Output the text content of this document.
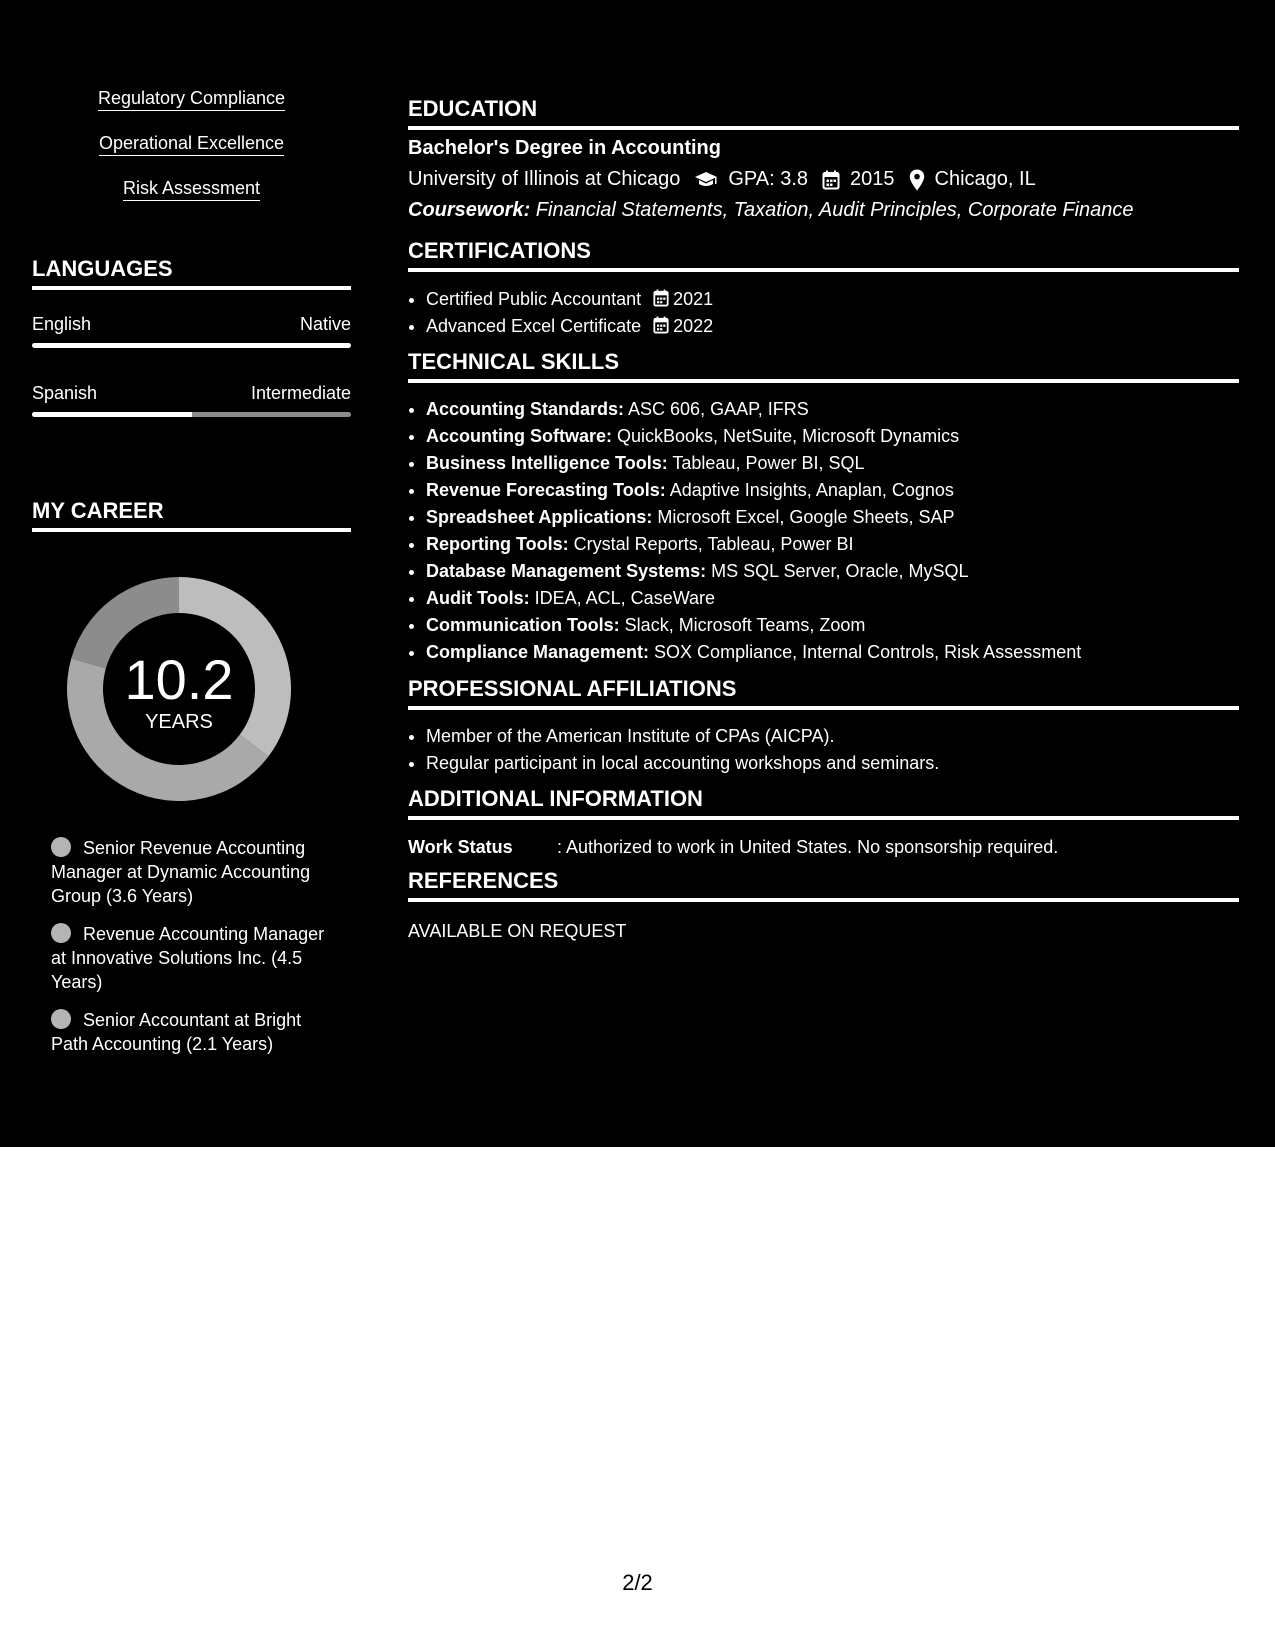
Regulatory Compliance
Operational Excellence
Risk Assessment
LANGUAGES
English	Native
Spanish	Intermediate
MY CAREER
10.2
YEARS
Senior Revenue Accounting Manager at Dynamic Accounting Group (3.6 Years)
Revenue Accounting Manager at Innovative Solutions Inc. (4.5 Years)
Senior Accountant at Bright Path Accounting (2.1 Years)
EDUCATION
Bachelor's Degree in Accounting
University of Illinois at Chicago GPA: 3.8 2015 Chicago, IL
Coursework: Financial Statements, Taxation, Audit Principles, Corporate Finance
CERTIFICATIONS
• Certified Public Accountant 2021
• Advanced Excel Certificate 2022
TECHNICAL SKILLS
• Accounting Standards: ASC 606, GAAP, IFRS
• Accounting Software: QuickBooks, NetSuite, Microsoft Dynamics
• Business Intelligence Tools: Tableau, Power BI, SQL
• Revenue Forecasting Tools: Adaptive Insights, Anaplan, Cognos
• Spreadsheet Applications: Microsoft Excel, Google Sheets, SAP
• Reporting Tools: Crystal Reports, Tableau, Power BI
• Database Management Systems: MS SQL Server, Oracle, MySQL
• Audit Tools: IDEA, ACL, CaseWare
• Communication Tools: Slack, Microsoft Teams, Zoom
• Compliance Management: SOX Compliance, Internal Controls, Risk Assessment
PROFESSIONAL AFFILIATIONS
• Member of the American Institute of CPAs (AICPA).
• Regular participant in local accounting workshops and seminars.
ADDITIONAL INFORMATION
Work Status : Authorized to work in United States. No sponsorship required.
REFERENCES
AVAILABLE ON REQUEST
2/2
